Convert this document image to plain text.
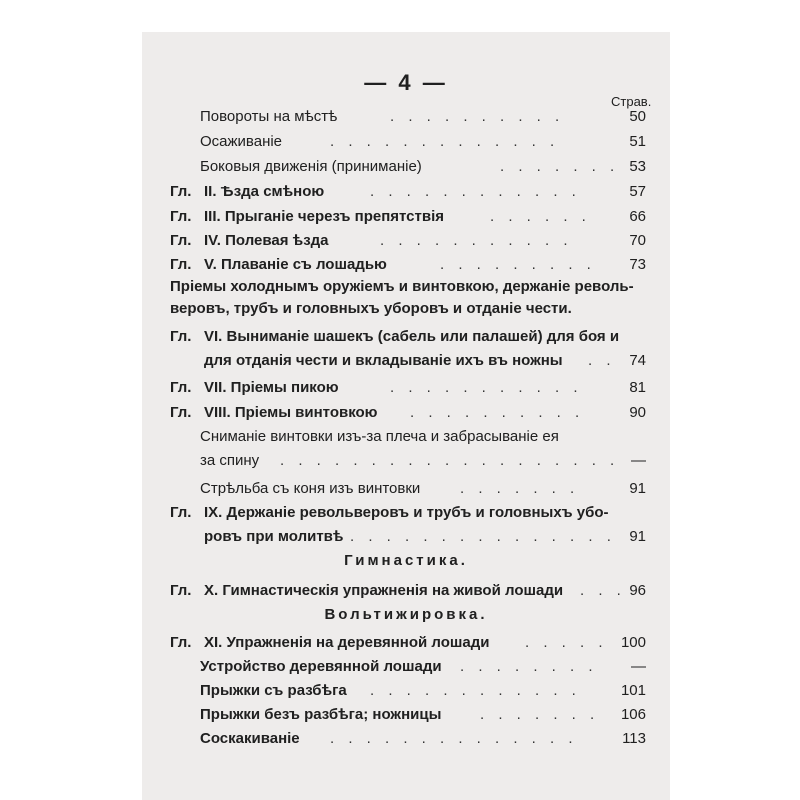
— 4 —
Страв.
Повороты на мѣстѣ	. . . . . . . . . .	50
Осаживаніе	. . . . . . . . . . . . .	51
Боковыя движенія (приниманіе)	. . . . . . . 53
Гл. II. Ѣзда смѣною	. . . . . . . . . . . .	57
Гл. III. Прыганіе черезъ препятствія	. . . . . .	66
Гл. IV. Полевая ѣзда	. . . . . . . . . . .	70
Гл. V. Плаваніе съ лошадью	. . . . . . . . .	73
Пріемы холоднымъ оружіемъ и винтовкою, держаніе револь-
веровъ, трубъ и головныхъ уборовъ и отданіе чести.
Гл. VI. Выниманіе шашекъ (сабель или палашей) для боя и
для отданія чести и вкладываніе ихъ въ ножны . . 74
Гл. VII. Пріемы пикою	. . . . . . . . . . .	81
Гл. VIII. Пріемы винтовкою . . . . . . . . . .	90
Сниманіе винтовки изъ-за плеча и забрасываніе ея
за спину . . . . . . . . . . . . . . . . . . . —
Стрѣльба съ коня изъ винтовки	. . . . . . .	91
Гл. IX. Держаніе револьверовъ и трубъ и головныхъ убо-
ровъ при молитвѣ . . . . . . . . . . . . . . . 91
Гимнастика.
Гл. X. Гимнастическія упражненія на живой лошади . . . 96
Вольтижировка.
Гл. XI. Упражненія на деревянной лошади . . . . . 100
Устройство деревянной лошади . . . . . . . .	—
Прыжки съ разбѣга . . . . . . . . . . . .	101
Прыжки безъ разбѣга; ножницы	. . . . . . .	106
Соскакиваніе . . . . . . . . . . . . . .	113
